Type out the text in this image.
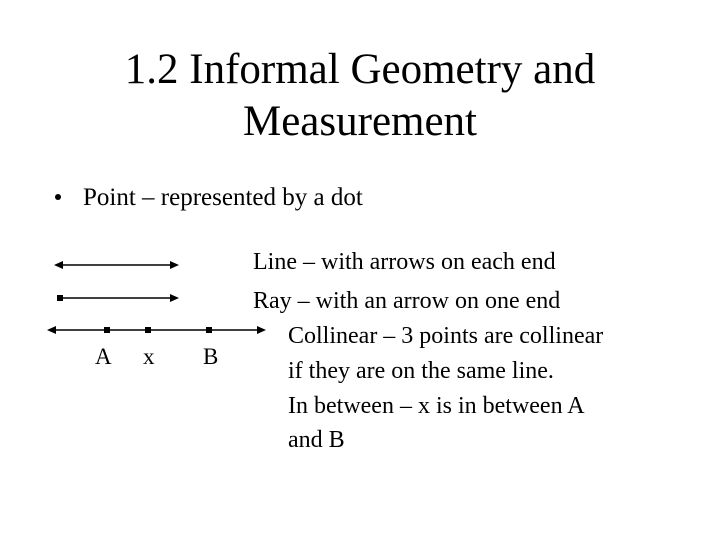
1.2 Informal Geometry and
Measurement
Point – represented by a dot
A x B
Line – with arrows on each end
Ray – with an arrow on one end
Collinear – 3 points are collinear
if they are on the same line.
In between – x is in between A
and B
